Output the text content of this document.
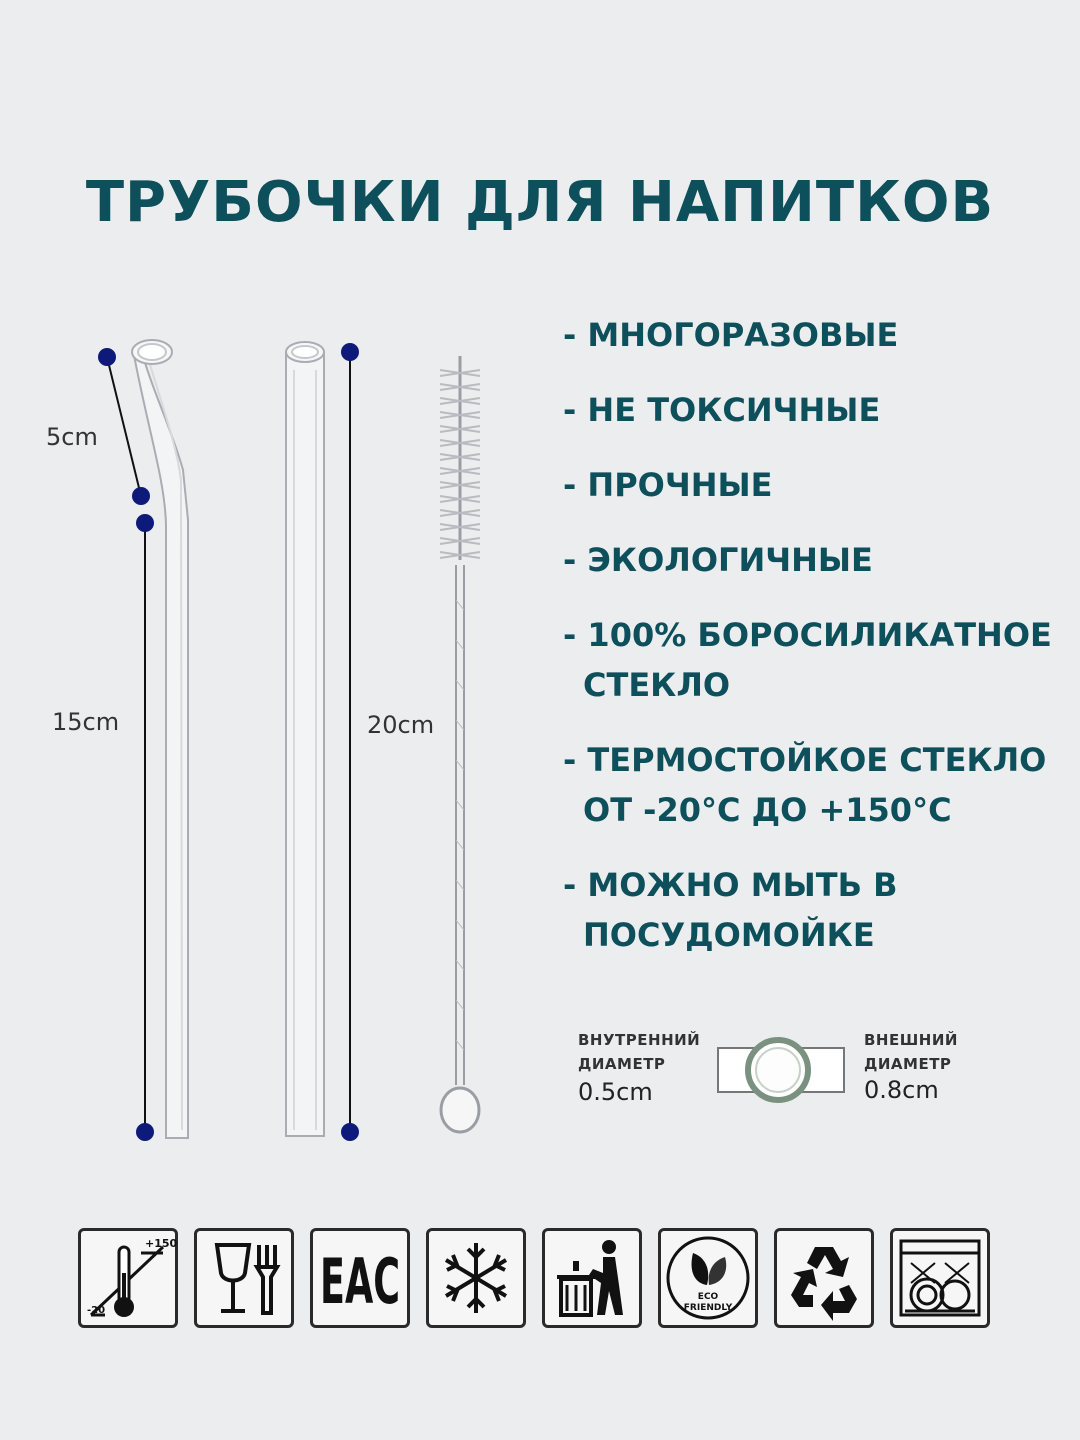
ТРУБОЧКИ ДЛЯ НАПИТКОВ
5cm
15cm	20cm
- МНОГОРАЗОВЫЕ
- НЕ ТОКСИЧНЫЕ
- ПРОЧНЫЕ
- ЭКОЛОГИЧНЫЕ
- 100% БОРОСИЛИКАТНОЕ СТЕКЛО
- ТЕРМОСТОЙКОЕ СТЕКЛО ОТ -20°C ДО +150°C
- МОЖНО МЫТЬ В ПОСУДОМОЙКЕ
ВНУТРЕННИЙ
ДИАМЕТР
0.5cm
ВНЕШНИЙ
ДИАМЕТР
0.8cm
+150
-20	EAC	ECO
FRIENDLY
